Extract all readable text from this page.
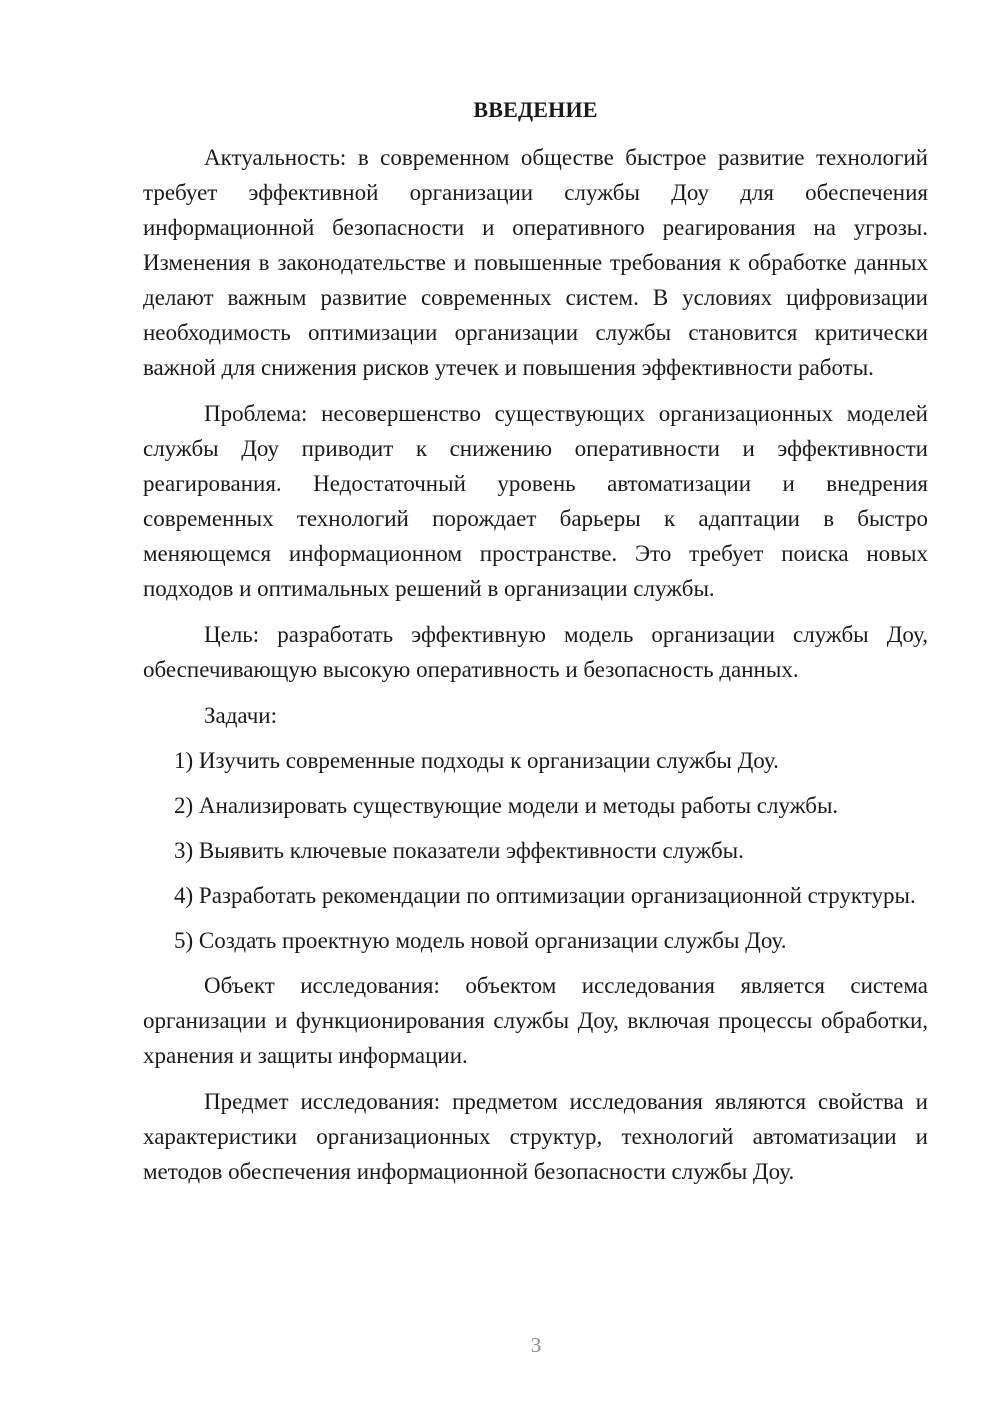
ВВЕДЕНИЕ

Актуальность: в современном обществе быстрое развитие технологий требует эффективной организации службы Доу для обеспечения информационной безопасности и оперативного реагирования на угрозы. Изменения в законодательстве и повышенные требования к обработке данных делают важным развитие современных систем. В условиях цифровизации необходимость оптимизации организации службы становится критически важной для снижения рисков утечек и повышения эффективности работы.

Проблема: несовершенство существующих организационных моделей службы Доу приводит к снижению оперативности и эффективности реагирования. Недостаточный уровень автоматизации и внедрения современных технологий порождает барьеры к адаптации в быстро меняющемся информационном пространстве. Это требует поиска новых подходов и оптимальных решений в организации службы.

Цель: разработать эффективную модель организации службы Доу, обеспечивающую высокую оперативность и безопасность данных.

Задачи:

1) Изучить современные подходы к организации службы Доу.

2) Анализировать существующие модели и методы работы службы.

3) Выявить ключевые показатели эффективности службы.

4) Разработать рекомендации по оптимизации организационной структуры.

5) Создать проектную модель новой организации службы Доу.

Объект исследования: объектом исследования является система организации и функционирования службы Доу, включая процессы обработки, хранения и защиты информации.

Предмет исследования: предметом исследования являются свойства и характеристики организационных структур, технологий автоматизации и методов обеспечения информационной безопасности службы Доу.

3
